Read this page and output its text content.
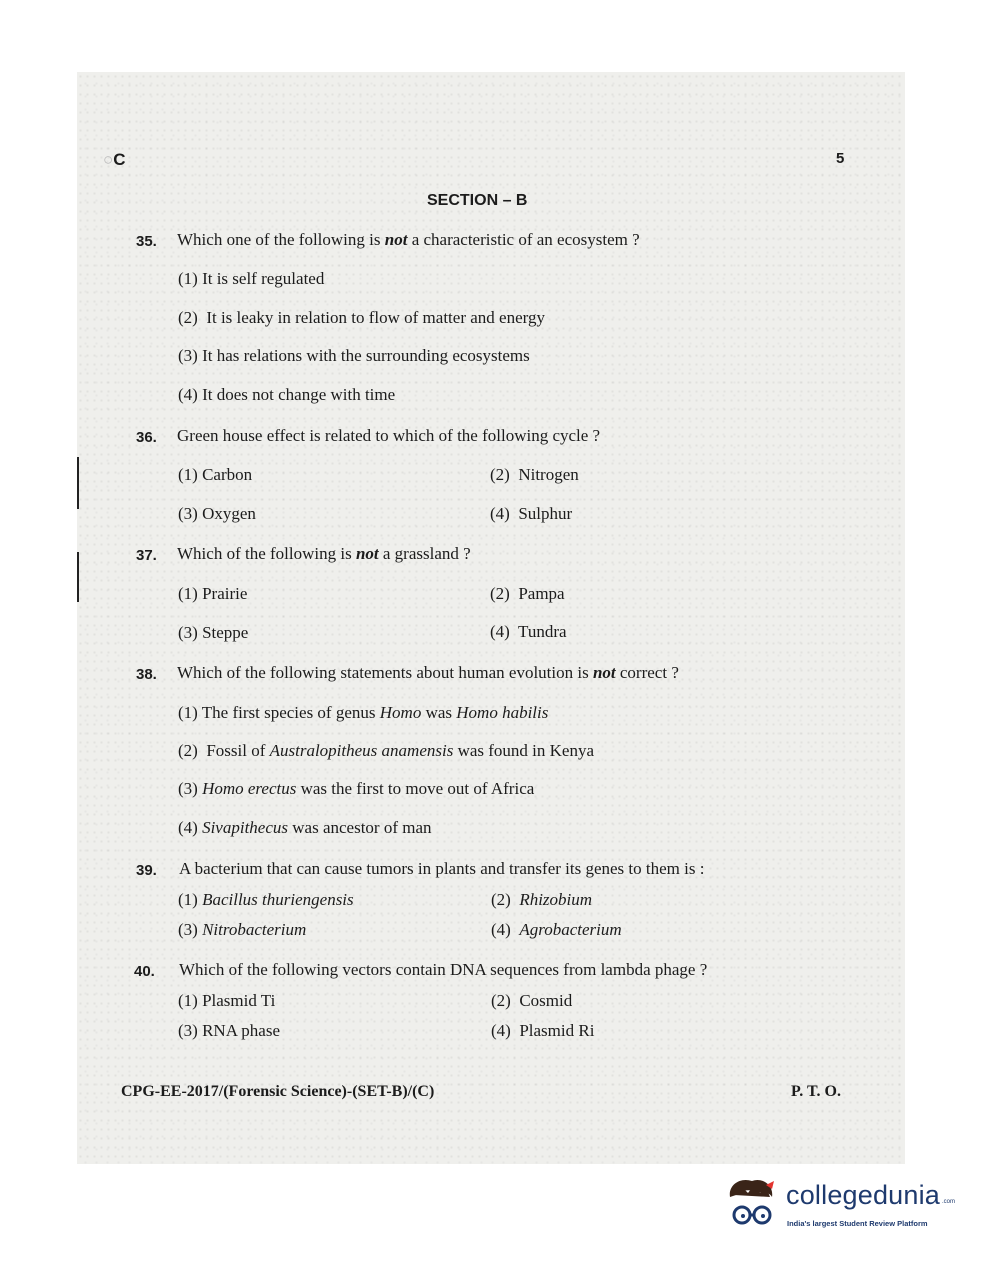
○C	5
SECTION – B
35. Which one of the following is not a characteristic of an ecosystem ?
(1) It is self regulated
(2) It is leaky in relation to flow of matter and energy
(3) It has relations with the surrounding ecosystems
(4) It does not change with time
36. Green house effect is related to which of the following cycle ?
(1) Carbon	(2) Nitrogen
(3) Oxygen	(4) Sulphur
37. Which of the following is not a grassland ?
(1) Prairie	(2) Pampa
(3) Steppe	(4) Tundra
38. Which of the following statements about human evolution is not correct ?
(1) The first species of genus Homo was Homo habilis
(2) Fossil of Australopitheus anamensis was found in Kenya
(3) Homo erectus was the first to move out of Africa
(4) Sivapithecus was ancestor of man
39. A bacterium that can cause tumors in plants and transfer its genes to them is :
(1) Bacillus thuriengensis	(2) Rhizobium
(3) Nitrobacterium	(4) Agrobacterium
40. Which of the following vectors contain DNA sequences from lambda phage ?
(1) Plasmid Ti	(2) Cosmid
(3) RNA phase	(4) Plasmid Ri
CPG-EE-2017/(Forensic Science)-(SET-B)/(C)	P. T. O.
collegedunia .com
India's largest Student Review Platform
